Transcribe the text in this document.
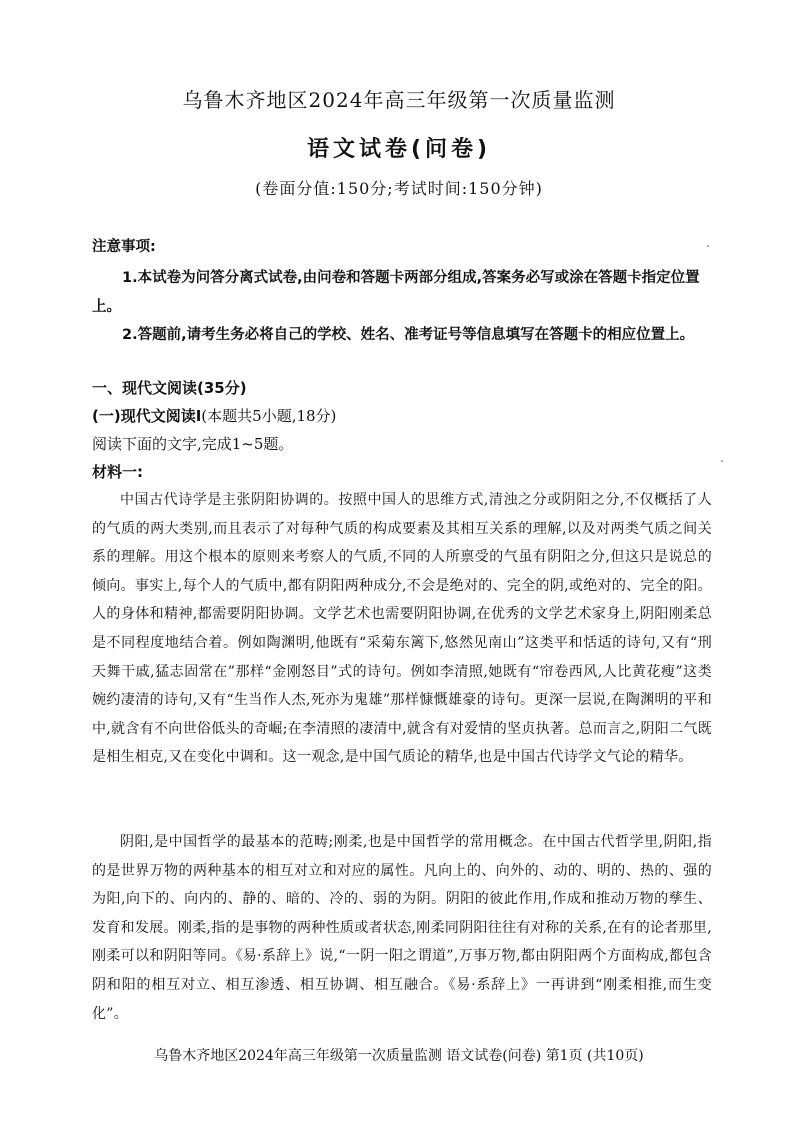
乌鲁木齐地区2024年高三年级第一次质量监测
语文试卷(问卷)
(卷面分值:150分;考试时间:150分钟)
注意事项:
1.本试卷为问答分离式试卷,由问卷和答题卡两部分组成,答案务必写或涂在答题卡指定位置上。
2.答题前,请考生务必将自己的学校、姓名、准考证号等信息填写在答题卡的相应位置上。
一、现代文阅读(35分)
(一)现代文阅读I(本题共5小题,18分)
阅读下面的文字,完成1~5题。
材料一:
中国古代诗学是主张阴阳协调的。按照中国人的思维方式,清浊之分或阴阳之分,不仅概括了人的气质的两大类别,而且表示了对每种气质的构成要素及其相互关系的理解,以及对两类气质之间关系的理解。用这个根本的原则来考察人的气质,不同的人所禀受的气虽有阴阳之分,但这只是说总的倾向。事实上,每个人的气质中,都有阴阳两种成分,不会是绝对的、完全的阴,或绝对的、完全的阳。人的身体和精神,都需要阴阳协调。文学艺术也需要阴阳协调,在优秀的文学艺术家身上,阴阳刚柔总是不同程度地结合着。例如陶渊明,他既有“采菊东篱下,悠然见南山”这类平和恬适的诗句,又有“刑天舞干戚,猛志固常在”那样“金刚怒目”式的诗句。例如李清照,她既有“帘卷西风,人比黄花瘦”这类婉约凄清的诗句,又有“生当作人杰,死亦为鬼雄”那样慷慨雄豪的诗句。更深一层说,在陶渊明的平和中,就含有不向世俗低头的奇崛;在李清照的凄清中,就含有对爱情的坚贞执著。总而言之,阴阳二气既是相生相克,又在变化中调和。这一观念,是中国气质论的精华,也是中国古代诗学文气论的精华。
阴阳,是中国哲学的最基本的范畴;刚柔,也是中国哲学的常用概念。在中国古代哲学里,阴阳,指的是世界万物的两种基本的相互对立和对应的属性。凡向上的、向外的、动的、明的、热的、强的为阳,向下的、向内的、静的、暗的、冷的、弱的为阴。阴阳的彼此作用,作成和推动万物的孳生、发育和发展。刚柔,指的是事物的两种性质或者状态,刚柔同阴阳往往有对称的关系,在有的论者那里,刚柔可以和阴阳等同。《易·系辞上》说,“一阴一阳之谓道”,万事万物,都由阴阳两个方面构成,都包含阴和阳的相互对立、相互渗透、相互协调、相互融合。《易·系辞上》一再讲到“刚柔相推,而生变化”。
乌鲁木齐地区2024年高三年级第一次质量监测 语文试卷(问卷) 第1页 (共10页)
